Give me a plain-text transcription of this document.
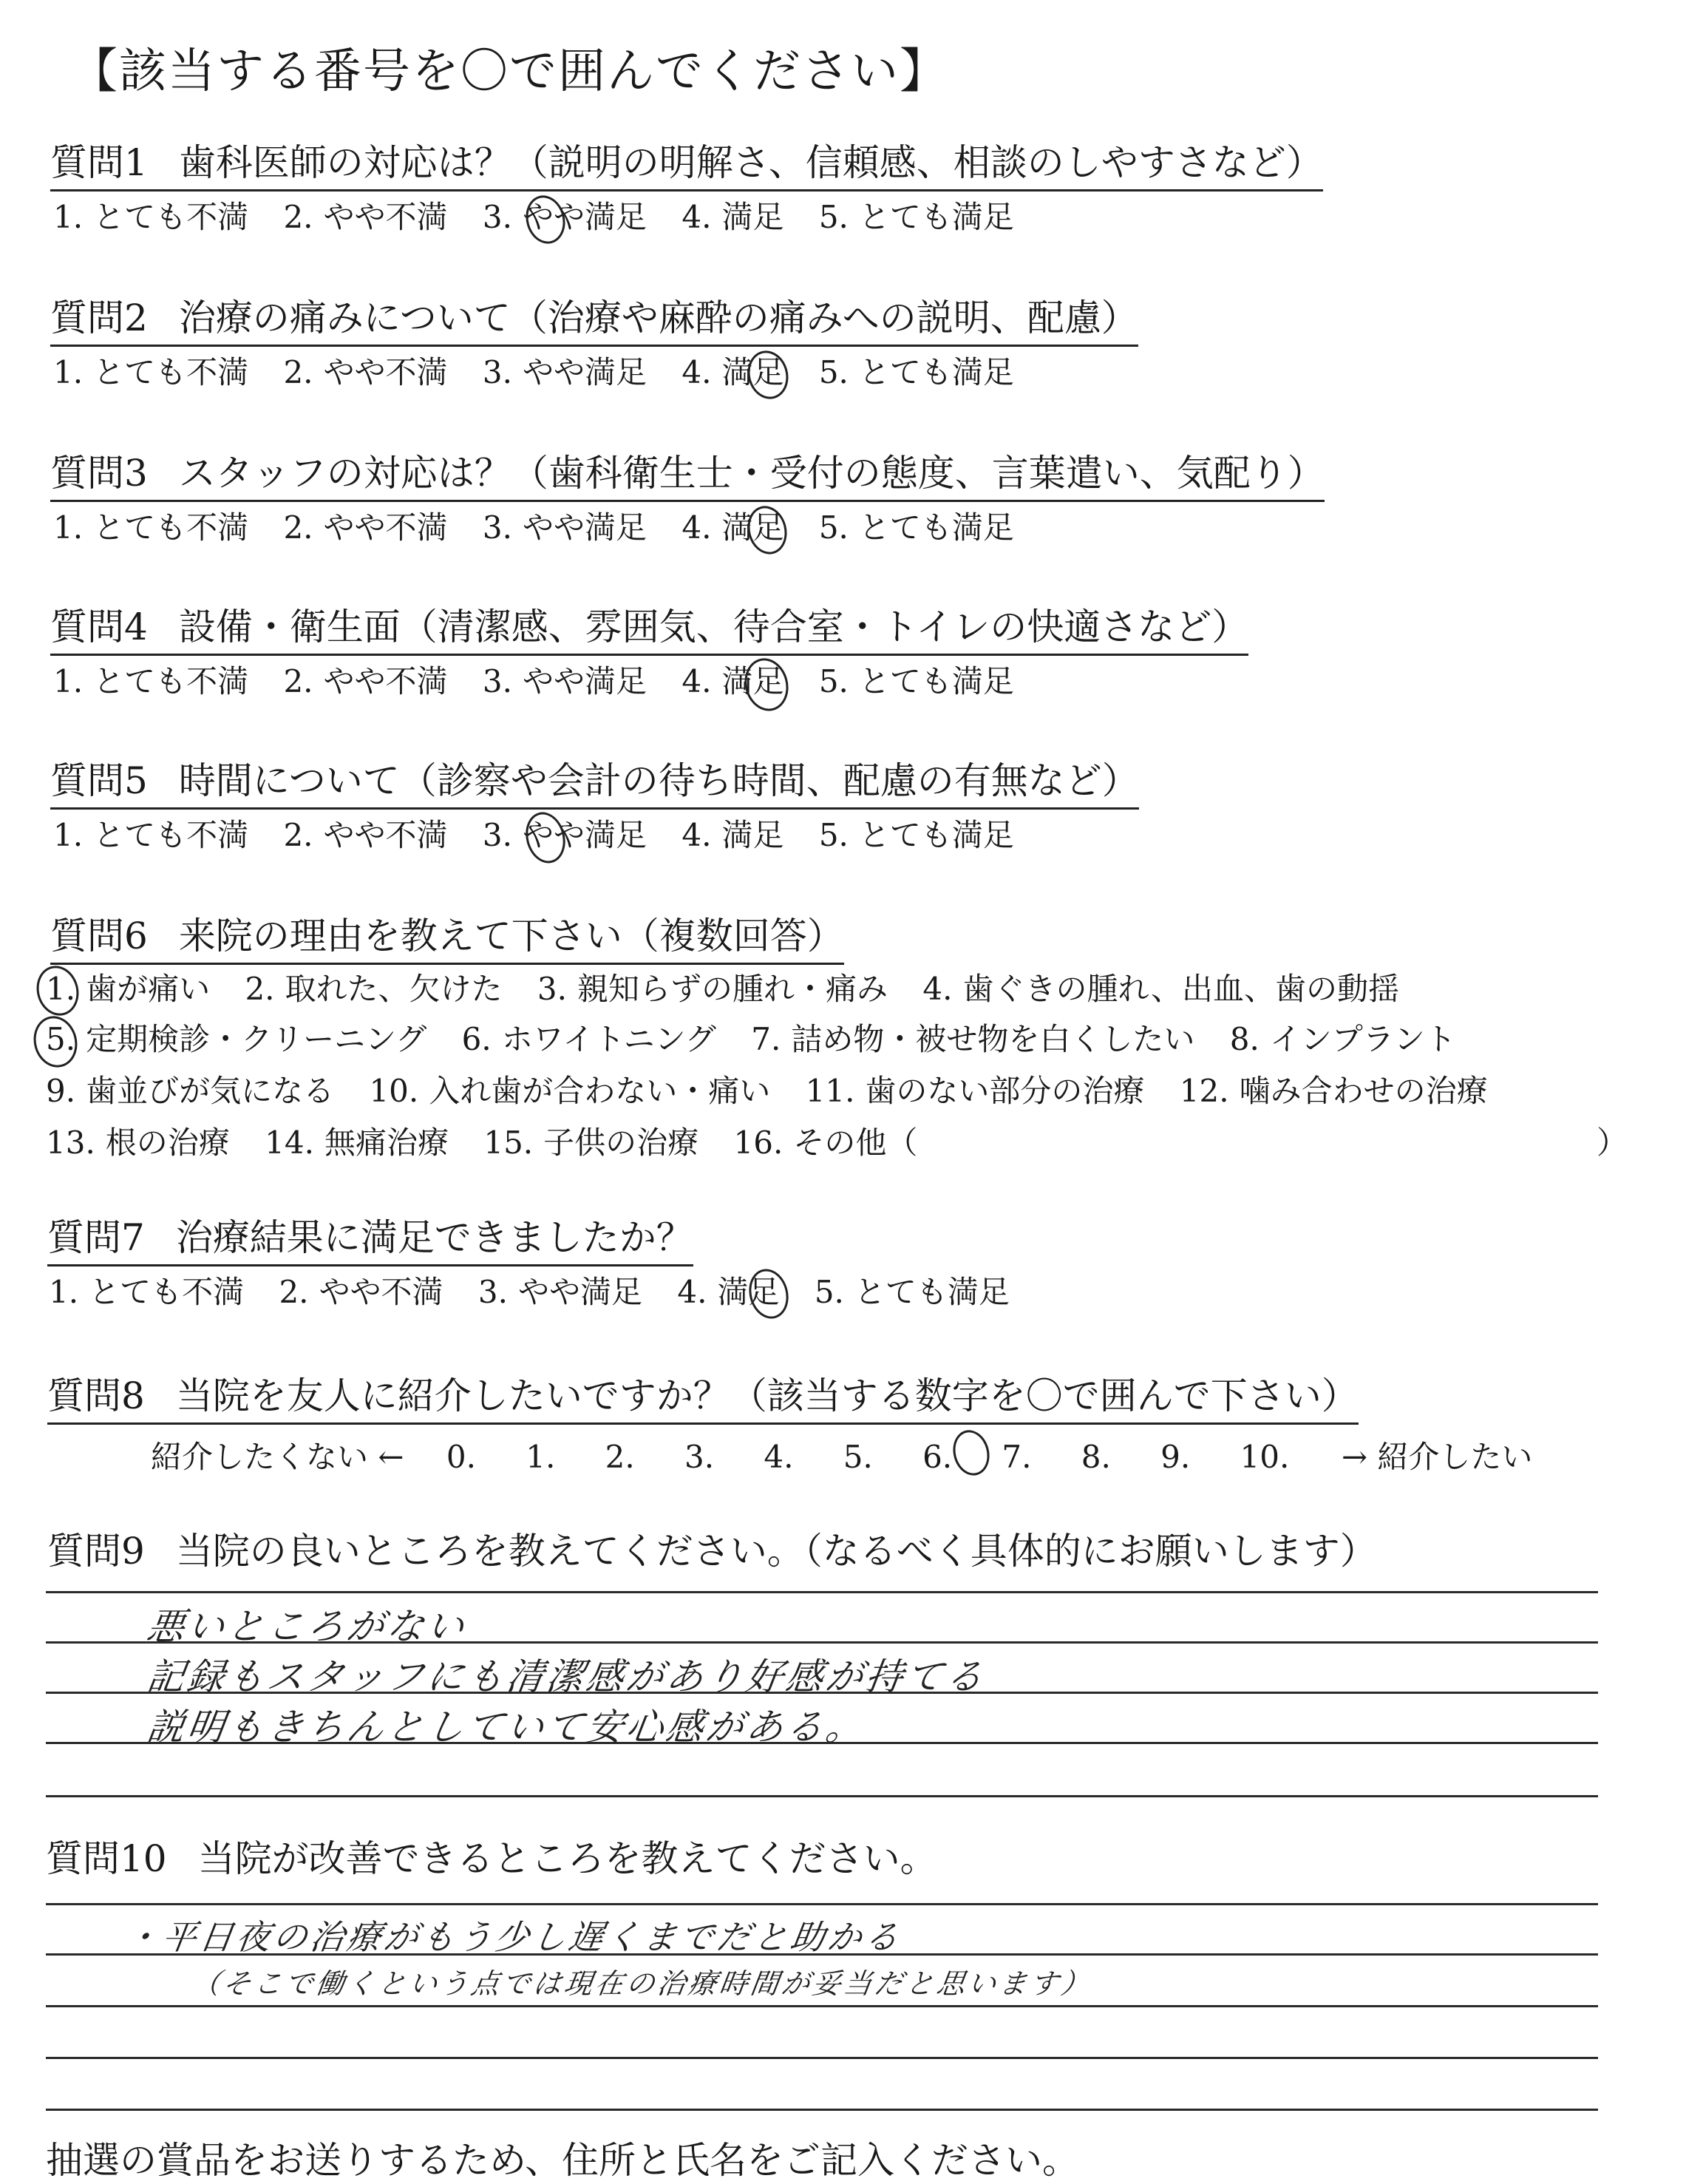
【該当する番号を〇で囲んでください】
質問1 歯科医師の対応は？（説明の明解さ、信頼感、相談のしやすさなど）
1. とても不満 2. やや不満 3. やや満足 4. 満足 5. とても満足
質問2 治療の痛みについて（治療や麻酔の痛みへの説明、配慮）
1. とても不満 2. やや不満 3. やや満足 4. 満足 5. とても満足
質問3 スタッフの対応は？（歯科衛生士・受付の態度、言葉遣い、気配り）
1. とても不満 2. やや不満 3. やや満足 4. 満足 5. とても満足
質問4 設備・衛生面（清潔感、雰囲気、待合室・トイレの快適さなど）
1. とても不満 2. やや不満 3. やや満足 4. 満足 5. とても満足
質問5 時間について（診察や会計の待ち時間、配慮の有無など）
1. とても不満 2. やや不満 3. やや満足 4. 満足 5. とても満足
質問6 来院の理由を教えて下さい（複数回答）
1. 歯が痛い 2. 取れた、欠けた 3. 親知らずの腫れ・痛み 4. 歯ぐきの腫れ、出血、歯の動揺
5. 定期検診・クリーニング 6. ホワイトニング 7. 詰め物・被せ物を白くしたい 8. インプラント
9. 歯並びが気になる 10. 入れ歯が合わない・痛い 11. 歯のない部分の治療 12. 噛み合わせの治療
13. 根の治療 14. 無痛治療 15. 子供の治療 16. その他（	）
質問7 治療結果に満足できましたか？
1. とても不満 2. やや不満 3. やや満足 4. 満足 5. とても満足
質問8 当院を友人に紹介したいですか？（該当する数字を〇で囲んで下さい）
紹介したくない ← 0. 1. 2. 3. 4. 5. 6. 7. 8. 9. 10. → 紹介したい
質問9 当院の良いところを教えてください。（なるべく具体的にお願いします）
悪いところがない
記録もスタッフにも清潔感があり好感が持てる
説明もきちんとしていて安心感がある。
質問10 当院が改善できるところを教えてください。
・平日夜の治療がもう少し遅くまでだと助かる
（そこで働くという点では現在の治療時間が妥当だと思います）
抽選の賞品をお送りするため、住所と氏名をご記入ください。
